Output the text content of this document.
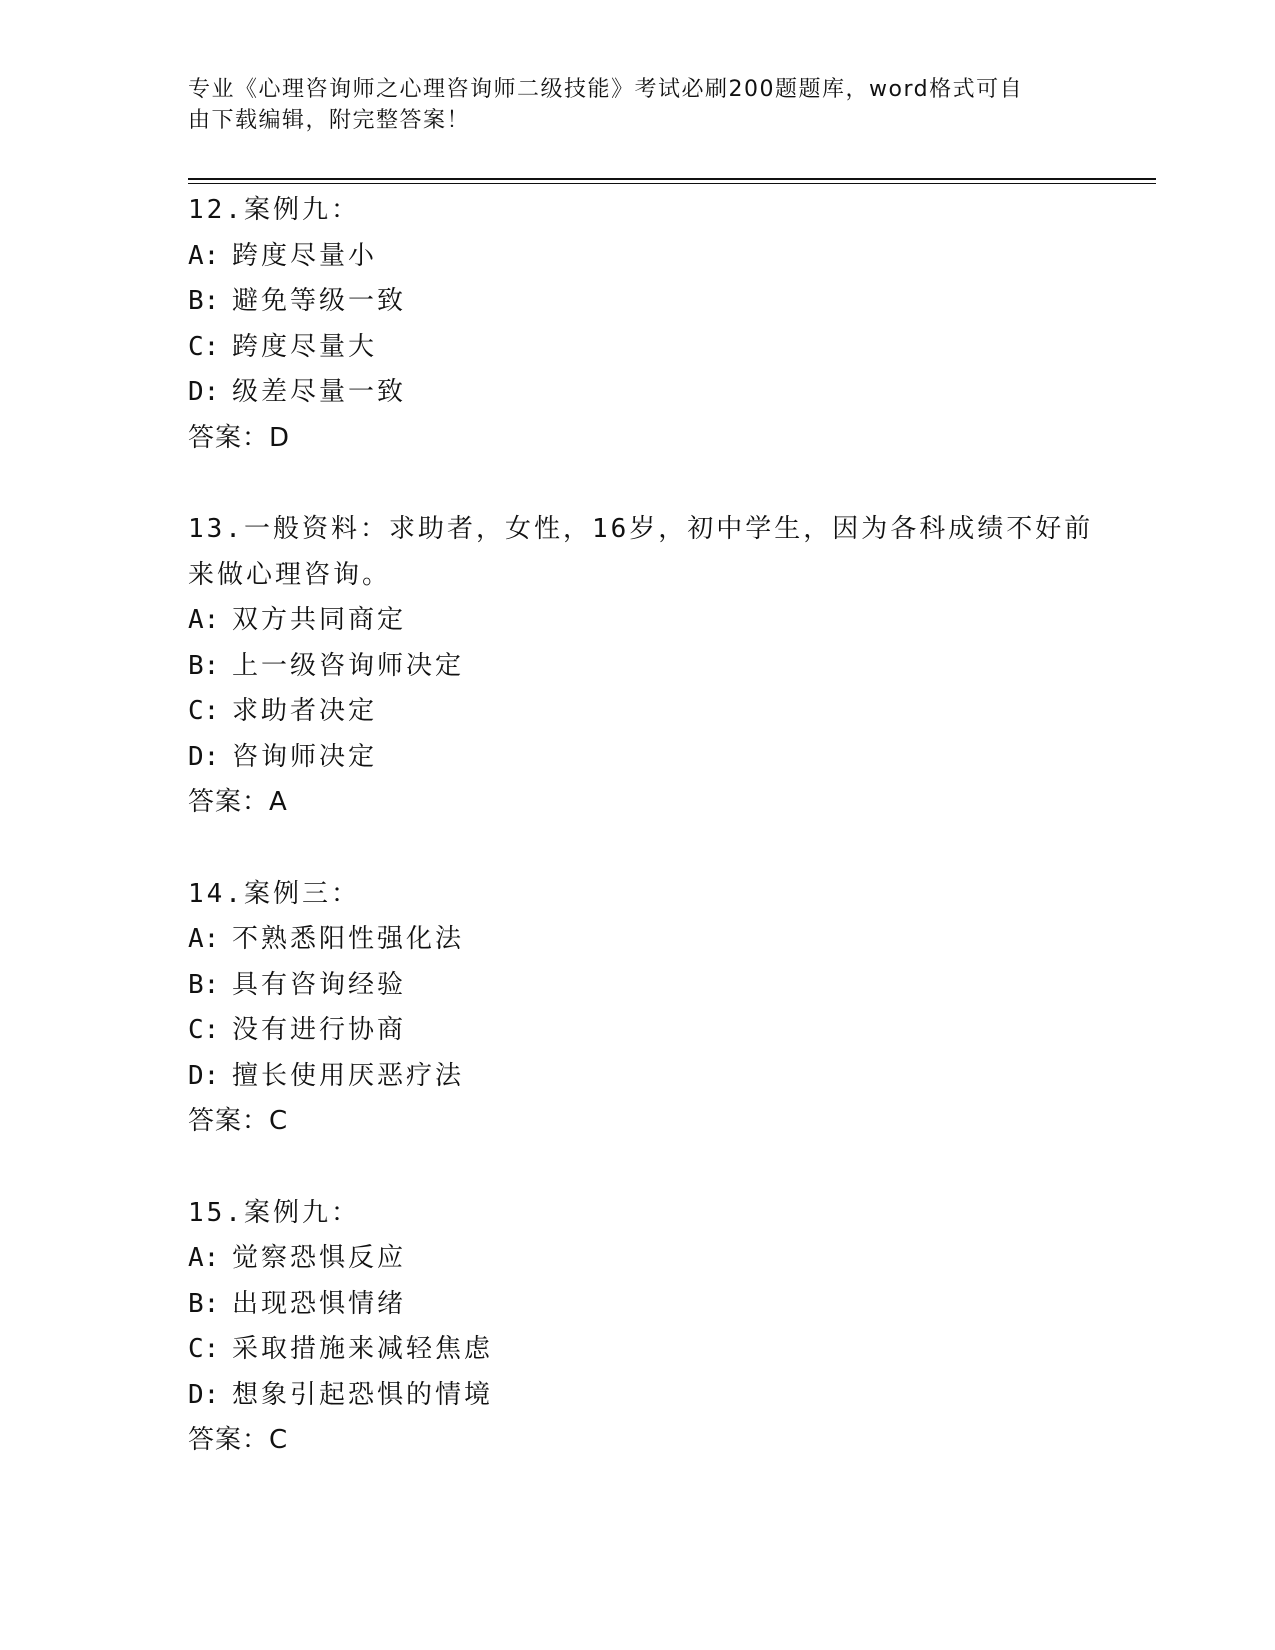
专业《心理咨询师之心理咨询师二级技能》考试必刷200题题库，word格式可自
由下载编辑，附完整答案！
12.案例九：
A: 跨度尽量小
B: 避免等级一致
C: 跨度尽量大
D: 级差尽量一致
答案：D
13.一般资料：求助者，女性，16岁，初中学生，因为各科成绩不好前
来做心理咨询。
A: 双方共同商定
B: 上一级咨询师决定
C: 求助者决定
D: 咨询师决定
答案：A
14.案例三：
A: 不熟悉阳性强化法
B: 具有咨询经验
C: 没有进行协商
D: 擅长使用厌恶疗法
答案：C
15.案例九：
A: 觉察恐惧反应
B: 出现恐惧情绪
C: 采取措施来减轻焦虑
D: 想象引起恐惧的情境
答案：C
